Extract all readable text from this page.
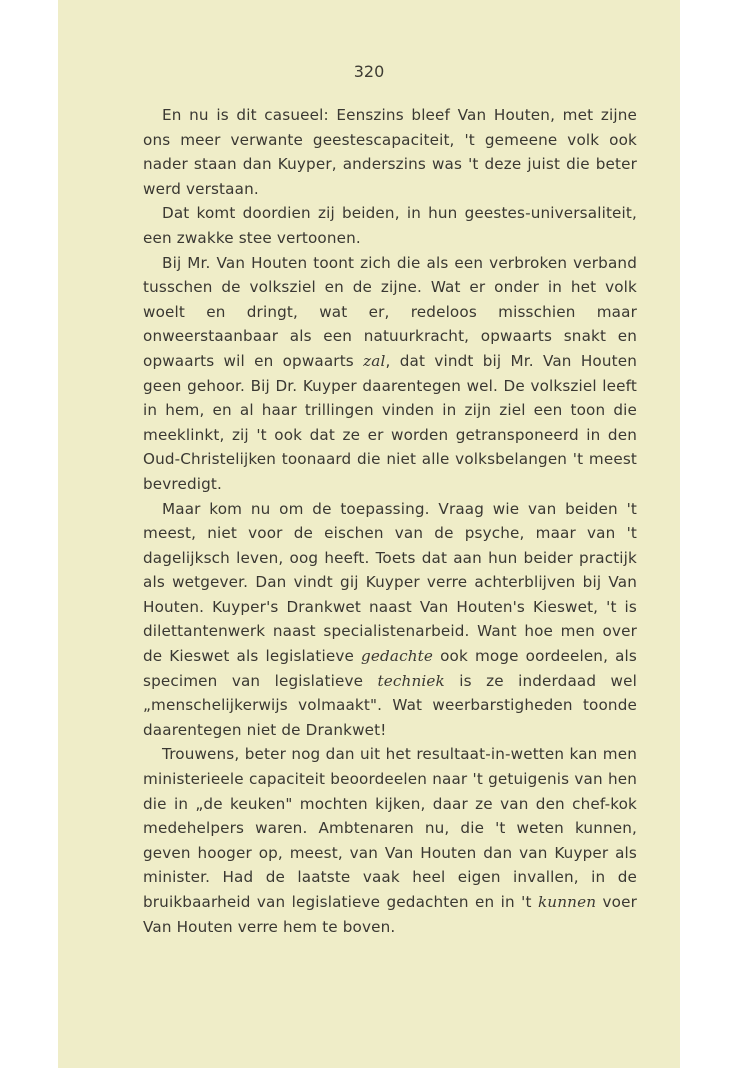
320

En nu is dit casueel: Eenszins bleef Van Houten, met zijne ons meer verwante geestescapaciteit, 't gemeene volk ook nader staan dan Kuyper, anderszins was 't deze juist die beter werd verstaan.

Dat komt doordien zij beiden, in hun geestes-universaliteit, een zwakke stee vertoonen.

Bij Mr. Van Houten toont zich die als een verbroken verband tusschen de volksziel en de zijne. Wat er onder in het volk woelt en dringt, wat er, redeloos misschien maar onweerstaanbaar als een natuurkracht, opwaarts snakt en opwaarts wil en opwaarts zal, dat vindt bij Mr. Van Houten geen gehoor. Bij Dr. Kuyper daarentegen wel. De volksziel leeft in hem, en al haar trillingen vinden in zijn ziel een toon die meeklinkt, zij 't ook dat ze er worden getransponeerd in den Oud-Christelijken toonaard die niet alle volksbelangen 't meest bevredigt.

Maar kom nu om de toepassing. Vraag wie van beiden 't meest, niet voor de eischen van de psyche, maar van 't dagelijksch leven, oog heeft. Toets dat aan hun beider practijk als wetgever. Dan vindt gij Kuyper verre achterblijven bij Van Houten. Kuyper's Drankwet naast Van Houten's Kieswet, 't is dilettantenwerk naast specialistenarbeid. Want hoe men over de Kieswet als legislatieve gedachte ook moge oordeelen, als specimen van legislatieve techniek is ze inderdaad wel „menschelijkerwijs volmaakt". Wat weerbarstigheden toonde daarentegen niet de Drankwet!

Trouwens, beter nog dan uit het resultaat-in-wetten kan men ministerieele capaciteit beoordeelen naar 't getuigenis van hen die in „de keuken" mochten kijken, daar ze van den chef-kok medehelpers waren. Ambtenaren nu, die 't weten kunnen, geven hooger op, meest, van Van Houten dan van Kuyper als minister. Had de laatste vaak heel eigen invallen, in de bruikbaarheid van legislatieve gedachten en in 't kunnen voer Van Houten verre hem te boven.
